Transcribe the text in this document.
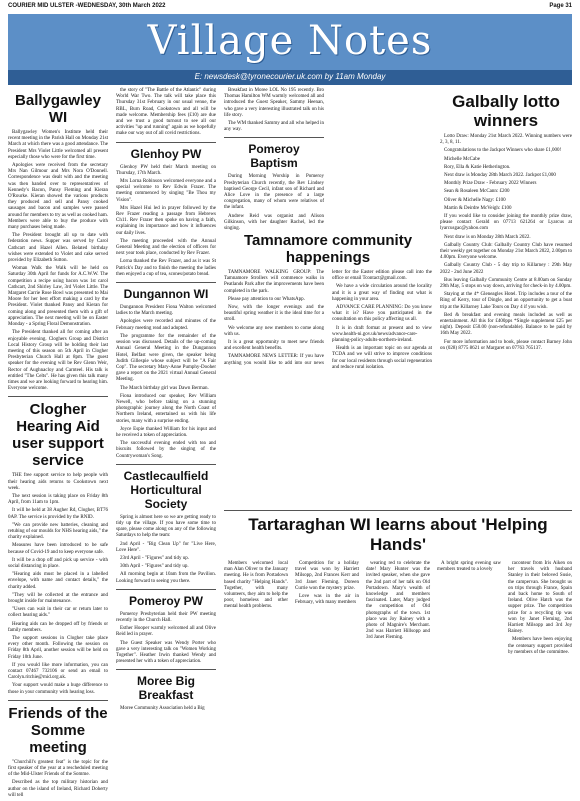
COURIER MID ULSTER -WEDNESDAY, 30th March 2022	Page 31
Village Notes
E: newsdesk@tyronecourier.uk.com by 11am Monday
Ballygawley WI

Ballygawley Women's Institute held their recent meeting in the Parish Hall on Monday 21st March at which there was a good attendance. The President Mrs Violet Little welcomed all present especially those who were for the first time.

Apologies were received from the secretary Mrs Nan Gilmour and Mrs Nora O'Donnell. Correspondence was dealt with and the meeting was then handed over to representatives of Kennedy's Bacon, Pansy Fleming and Kieran O'Rourke. Kieran showed the various products they produced and sell and Pansy cooked sausages and bacon and samples were passed around for members to try as well as cooked ham. Members were able to buy the produce with many purchases being made.

The President brought all up to date with federation news. Supper was served by Carol Cathcart and Hazel Allen. Belated birthday wishes were extended to Violet and cake served provided by Elizabeth Sutton.

Woman Walk the Walk will be held on Saturday 30th April for funds for A.C.W.W. The competition a recipe using bacon was 1st carol Cathcart, 2nd Shirley Law, 3rd Violet Little. The Margaret Carrie Rose Bowl was presented to Mai Moore for her best effort making a card by the President. Violet thanked Pansy and Kieran for coming along and presented them with a gift of appreciation. The next meeting will be on Easter Monday - a Spring Floral Demonstration.

The President thanked all for coming after an enjoyable evening. Cloghers Group and District Local History Group will be holding their last meeting of this season on 5th April in Clogher Presbyterian Church Hall at 8pm. The guest speaker for the evening will be Rev Glenn Weir, Rector of Aughnacloy and Carnteel. His talk is entitled "The Celts". He has given this talk many times and we are looking forward to hearing him. Everyone welcome.

Clogher Hearing Aid user support service

THE free support service to help people with their hearing aids returns to Cookstown next week.

The next session is taking place on Friday 8th April, from 11am to 1pm.

It will be held at 38 Augher Rd, Clogher, BT76 0AP. The service is provided by the RNID.

"We can provide new batteries, cleaning and retubing of ear moulds for NHS hearing aids," the charity explained.

Measures have been introduced to be safe because of Covid-19 and to keep everyone safe.

It will be a drop off and pick up service - with social distancing in place.

"Hearing aids must be placed in a labelled envelope, with name and contact details," the charity added.

"They will be collected at the entrance and brought inside for maintenance.

"Users can wait in their car or return later to collect hearing aids."

Hearing aids can be dropped off by friends or family members.

The support sessions in Clogher take place every other month. Following the session on Friday 8th April, another session will be held on Friday 10th June.

If you would like more information, you can contact 07467 732106 or send an email to Carolyn.ritchie@rnid.org.uk.

Your support would make a huge difference to those in your community with hearing loss.

Friends of the Somme meeting

"Churchill's greatest feat" is the topic for the first speaker of the year at a rescheduled meeting of the Mid-Ulster Friends of the Somme.

Described as the top military historian and author on the island of Ireland, Richard Doherty will tell

the story of "The Battle of the Atlantic" during World War Two. The talk will take place this Thursday 31st February in our usual venue, the RBL, Burn Road, Cookstown and all will be made welcome. Membership fees (£10) are due and we trust a good turnout to see all our activities "up and running" again as we hopefully make our way out of all covid restrictions.

Glenhoy PW

Glenhoy PW held their March meeting on Thursday, 17th March.

Mrs Lorna Robinson welcomed everyone and a special welcome to Rev Edwin Frazer. The meeting commenced by singing "Be Thou my Vision".

Mrs Hazel Hui led in prayer followed by the Rev Frazer reading a passage from Hebrews Ch11. Rev Frazer then spoke on having a faith, explaining its importance and how it influences our daily lives.

The meeting proceeded with the Annual General Meeting and the election of officers for next year took place, conducted by Rev Frazer.

Lorna thanked the Rev Frazer, and as it was St Patrick's Day and to finish the meeting the ladies then enjoyed a cup of tea, scones/potato bread.

Dungannon WI

Dungannon President Fiona Walton welcomed ladies to the March meeting.

Apologies were recorded and minutes of the February meeting read and adopted.

The programme for the remainder of the session was discussed. Details of the up-coming Annual General Meeting in the Dungannon Hotel, Belfast were given, the speaker being Judith Gillespie whose subject will be "A Fair Cop". The secretary Mary-Anne Pumphy-Dooher gave a report on the 2021 virtual Annual General Meeting.

The March birthday girl was Dawn Berman.

Fiona introduced our speaker, Rev William Newell, who before taking on a stunning photographic journey along the North Coast of Northern Ireland, entertained us with his life stories, many with a surprise ending.

Joyce Espie thanked William for his input and he received a token of appreciation.

The successful evening ended with tea and biscuits followed by the singing of the Countrywoman's Song.

Castlecaulfield Horticultural Society

Spring is almost here so we are getting ready to tidy up the village. If you have some time to spare, please come along on any of the following Saturdays to help the team:

2nd April - "Big Clean Up" for "Live Here, Love Here".

23rd April - "Figures" and tidy up.

30th April - "Figures" and tidy up.

All morning begin at 10am from the Pavilion. Looking forward to seeing you there.

Pomeroy PW

Pomeroy Presbyterian held their PW meeting recently in the Church Hall.

Esther Hooper warmly welcomed all and Olive Reid led in prayer.

The Guest Speaker was Wendy Porter who gave a very interesting talk on "Women Working Together". Heather Irwin thanked Wendy and presented her with a token of appreciation.

Moree Big Breakfast

Moree Community Association held a Big

Breakfast in Moree LOL No 195 recently. Bro Thomas Hamilton WM warmly welcomed all and introduced the Guest Speaker, Sammy Heenan, who gave a very interesting illustrated talk on his life story.

The WM thanked Sammy and all who helped in any way.

Pomeroy Baptism

During Morning Worship in Pomeroy Presbyterian Church recently, the Rev Lindsey baptised George Cecil, infant son of Richard and Alice Love in the presence of a large congregation, many of whom were relatives of the infant.

Andrew Reid was organist and Alison Gilkinson, with her daughter Rachel, led the singing.

Tamnamore community happenings

TAMNAMORE WALKING GROUP: The Tamnamore Strollers will commence walks in Peatlands Park after the improvements have been completed in the park.

Please pay attention to our WhatsApp.

Now, with the longer evenings and the beautiful spring weather it is the ideal time for a stroll.

We welcome any new members to come along with us.

It is a great opportunity to meet new friends and excellent health benefits.

TAMNAMORE NEWS LETTER: If you have anything you would like to add into our news letter for the Easter edition please call into the office or email Tcontact@gmail.com.

We have a wide circulation around the locality and it is a great way of finding out what is happening in your area.

ADVANCE CARE PLANNING: Do you know what it is? Have you participated in the consultation on this policy affecting us all.

It is in draft format at present and to view www.health-ni.gov.uk/news/advance-care-planning-policy-adults-northern-ireland.

Health is an important topic on our agenda at TCDA and we will strive to improve conditions for our local residents through social regeneration and reduce rural isolation.

Galbally lotto winners

Lotto Draw: Monday 21st March 2022. Winning numbers were 2, 3, 8, 11.

Congratulations to the Jackpot Winners who share £1,000!

Michelle McCabe

Rory, Ella & Katie Hetherington.

Next draw is Monday 28th March 2022. Jackpot £1,000

Monthly Prize Draw - February 2022 Winners

Sean & Rosaleen McCann: £200

Oliver & Michelle Nagy: £100

Martin & Deirdre McVeigh: £100

If you would like to consider joining the monthly prize draw, please contact Gerald on 07713 621264 or Lyarcus at lyarcusgac@yahoo.com

Next draw is on Monday 28th March 2022.

Galbally Country Club: Galbally Country Club have resumed their weekly get together on Monday 21st March 2022, 2.00pm to 4.00pm. Everyone welcome.

Galbally Country Club - 5 day trip to Killarney : 29th May 2022 - 2nd June 2022

Bus leaving Galbally Community Centre at 8.00am on Sunday 29th May, 5 stops on way down, arriving for check-in by 4.00pm.

Staying at the 4* Gleneagles Hotel. Trip includes a tour of the Ring of Kerry, tour of Dingle, and an opportunity to get a boat trip at the Killarney Lake Tours on Day 4 if you wish.

Bed & breakfast and evening meals included as well as entertainment. All this for £400pps *Single supplement £25 per night). Deposit £50.00 (non-refundable). Balance to be paid by 16th May 2022.

For more information and to book, please contact Barney John on (028) 8775 8621 or Margaret on 07763 765137.

Tartaraghan WI learns about 'Helping Hands'

Members welcomed local man Alan Oliver to the January meeting. He is from Portadown based charity "Helping Hands". Together, with many volunteers, they aim to help the poor, homeless and other mental health problems.

Competition for a holiday travel was won by Harriett Milsopp, 2nd Frances Kerr and 3rd Janet Fleming. Doreen Currie won the mystery prize.

Love was in the air in February, with many members

wearing red to celebrate the date! Mary Hunter was the invited speaker, when she gave the 2nd part of her talk on Old Portadown. Mary's wealth of knowledge and members fascinated. Later, Mary judged the competition of Old photographs of the town. 1st place was Joy Rainey with a photo of Magnire's Merchant. 2nd was Harriett Hillsopp and 3rd Janet Fleming.

A bright spring evening saw members treated to a lovely

raconteur from Iris Aiken on her travels with husband Stanley in their beloved Susie, the campervan. She brought us on trips through France, Spain and back home to South of Ireland. Olive Hatch was the supper prize. The competition prize for a recycling tip was won by Janet Fleming, 2nd Harriett Milsopp and 3rd Joy Rainey.

Members have been enjoying the centenary support provided by members of the committee.
